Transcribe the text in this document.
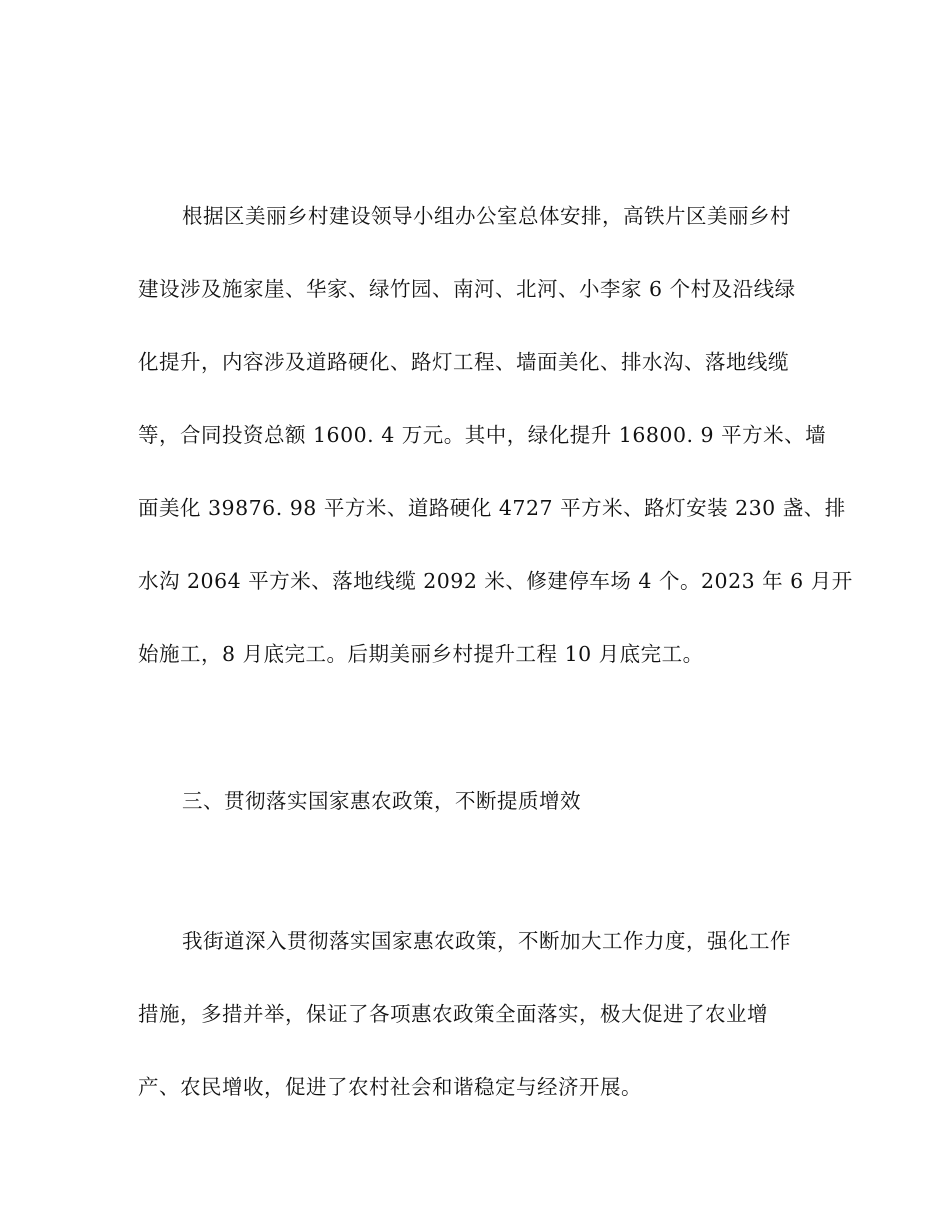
根据区美丽乡村建设领导小组办公室总体安排，高铁片区美丽乡村
建设涉及施家崖、华家、绿竹园、南河、北河、小李家 6 个村及沿线绿
化提升，内容涉及道路硬化、路灯工程、墙面美化、排水沟、落地线缆
等，合同投资总额 1600. 4 万元。其中，绿化提升 16800. 9 平方米、墙
面美化 39876. 98 平方米、道路硬化 4727 平方米、路灯安装 230 盏、排
水沟 2064 平方米、落地线缆 2092 米、修建停车场 4 个。2023 年 6 月开
始施工，8 月底完工。后期美丽乡村提升工程 10 月底完工。
三、贯彻落实国家惠农政策，不断提质增效
我街道深入贯彻落实国家惠农政策，不断加大工作力度，强化工作
措施，多措并举，保证了各项惠农政策全面落实，极大促进了农业增
产、农民增收，促进了农村社会和谐稳定与经济开展。
